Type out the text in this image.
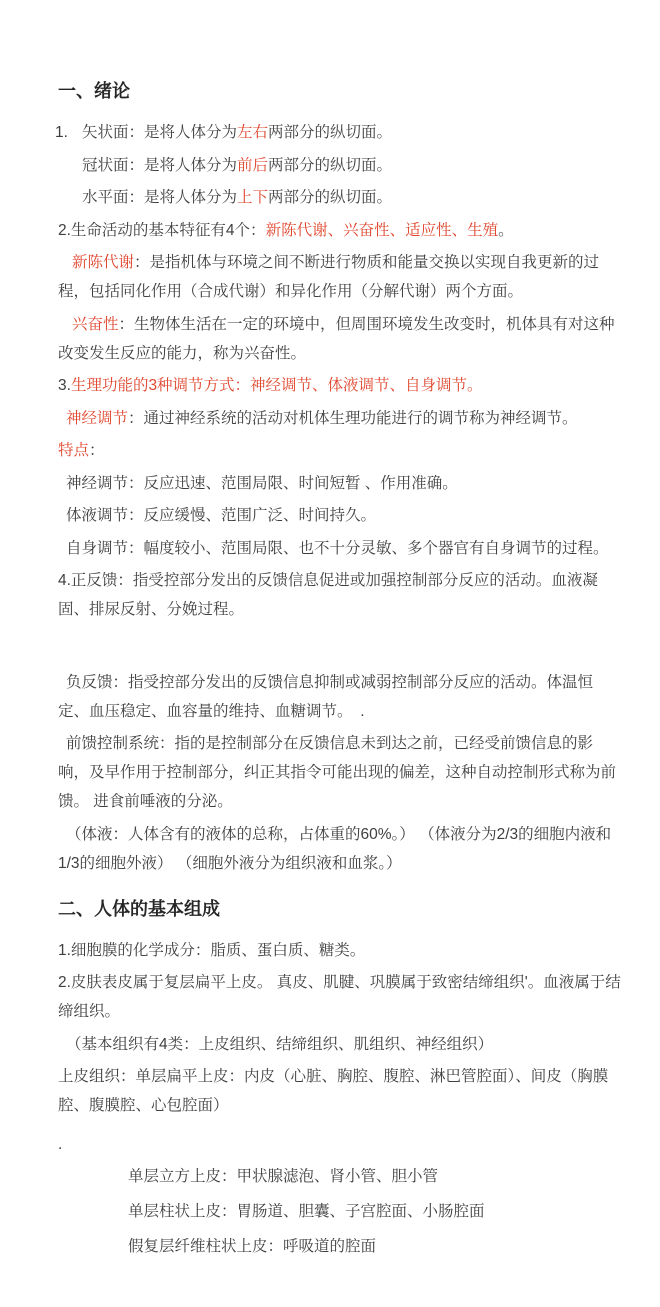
一、绪论

1. 矢状面：是将人体分为左右两部分的纵切面。

冠状面：是将人体分为前后两部分的纵切面。

水平面：是将人体分为上下两部分的纵切面。

2.生命活动的基本特征有4个：新陈代谢、兴奋性、适应性、生殖。

新陈代谢：是指机体与环境之间不断进行物质和能量交换以实现自我更新的过程，包括同化作用（合成代谢）和异化作用（分解代谢）两个方面。

兴奋性：生物体生活在一定的环境中，但周围环境发生改变时，机体具有对这种改变发生反应的能力，称为兴奋性。

3.生理功能的3种调节方式：神经调节、体液调节、自身调节。

神经调节：通过神经系统的活动对机体生理功能进行的调节称为神经调节。

特点：

神经调节：反应迅速、范围局限、时间短暂 、作用准确。

体液调节：反应缓慢、范围广泛、时间持久。

自身调节：幅度较小、范围局限、也不十分灵敏、多个器官有自身调节的过程。

4.正反馈：指受控部分发出的反馈信息促进或加强控制部分反应的活动。血液凝固、排尿反射、分娩过程。

负反馈：指受控部分发出的反馈信息抑制或减弱控制部分反应的活动。体温恒定、血压稳定、血容量的维持、血糖调节。　.

前馈控制系统：指的是控制部分在反馈信息未到达之前，已经受前馈信息的影响，及早作用于控制部分，纠正其指令可能出现的偏差，这种自动控制形式称为前馈。 进食前唾液的分泌。

（体液：人体含有的液体的总称，占体重的60%。） （体液分为2/3的细胞内液和1/3的细胞外液） （细胞外液分为组织液和血浆。）

二、人体的基本组成

1.细胞膜的化学成分：脂质、蛋白质、糖类。

2.皮肤表皮属于复层扁平上皮。 真皮、肌腱、巩膜属于致密结缔组织'。血液属于结缔组织。

（基本组织有4类：上皮组织、结缔组织、肌组织、神经组织）

上皮组织：单层扁平上皮：内皮（心脏、胸腔、腹腔、淋巴管腔面）、间皮（胸膜腔、腹膜腔、心包腔面）

.

单层立方上皮：甲状腺滤泡、肾小管、胆小管

单层柱状上皮：胃肠道、胆囊、子宫腔面、小肠腔面

假复层纤维柱状上皮：呼吸道的腔面
